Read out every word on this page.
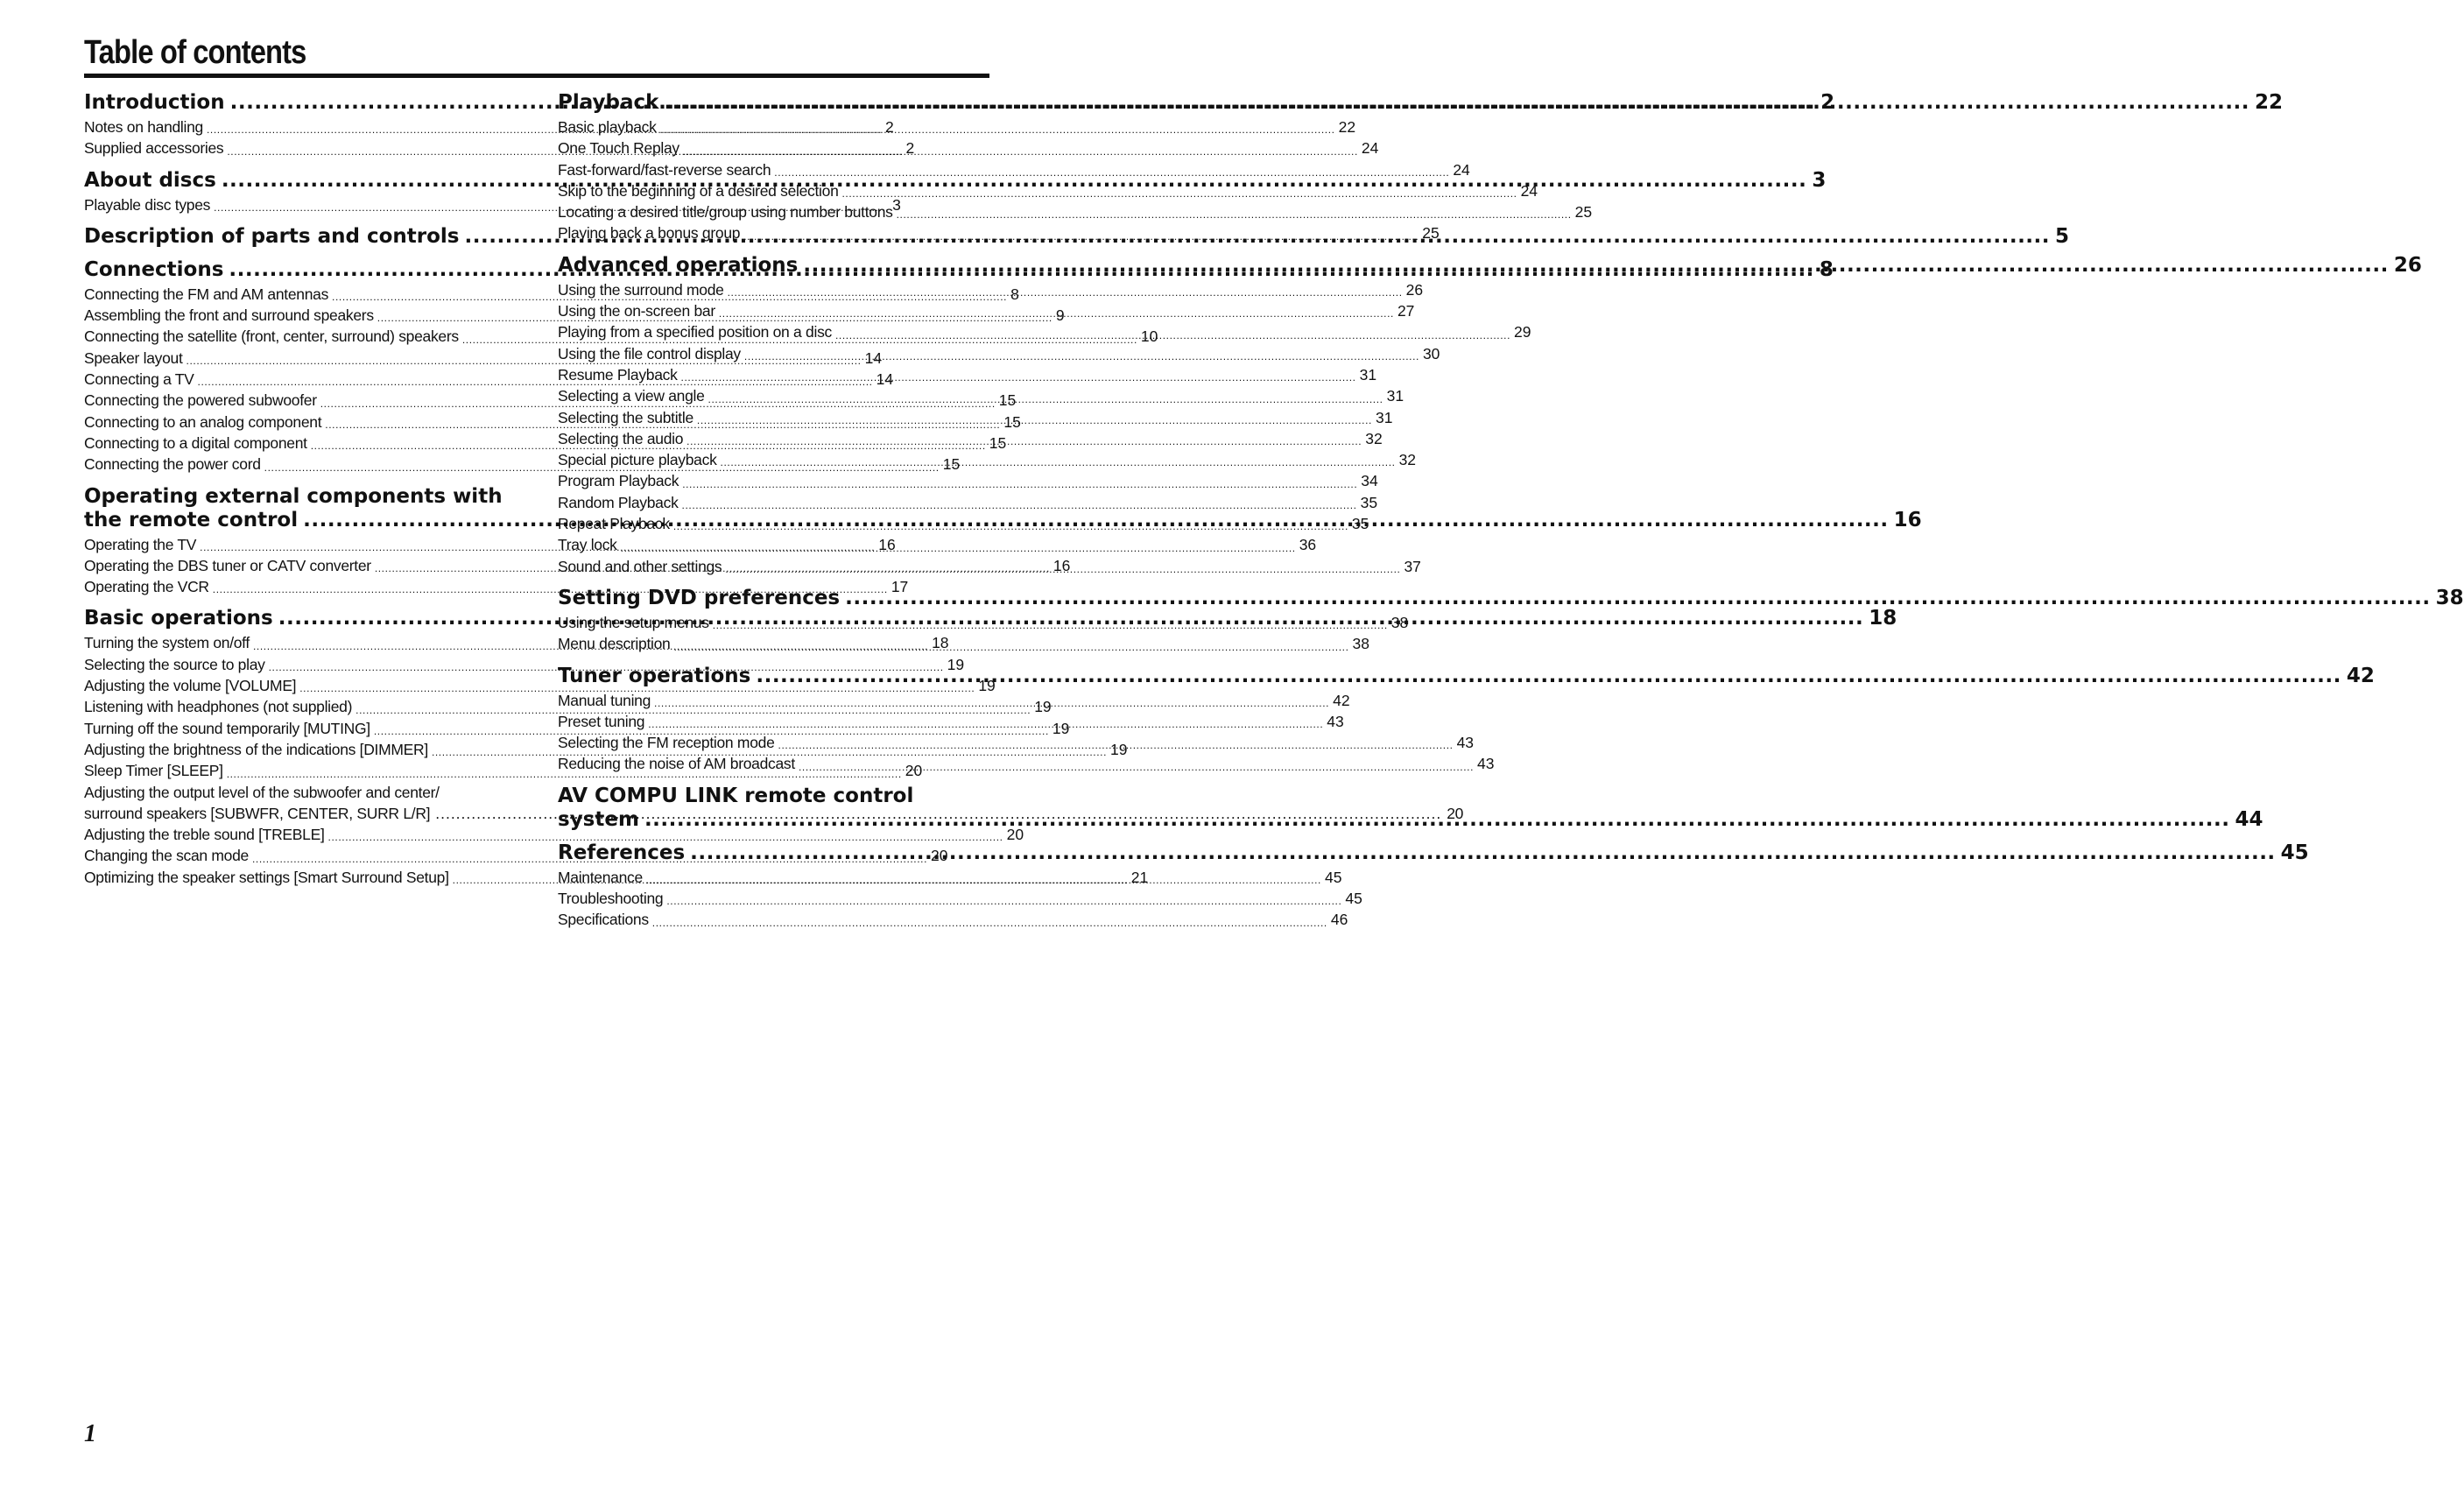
Table of contents
Introduction .....	2
Notes on handling .....	2
Supplied accessories .....	2
About discs .....	3
Playable disc types .....	3
Description of parts and controls .....	5
Connections .....	8
Connecting the FM and AM antennas .....	8
Assembling the front and surround speakers .....	9
Connecting the satellite (front, center, surround) speakers .....	10
Speaker layout .....	14
Connecting a TV .....	14
Connecting the powered subwoofer .....	15
Connecting to an analog component .....	15
Connecting to a digital component .....	15
Connecting the power cord .....	15
Operating external components with
the remote control .....	16
Operating the TV .....	16
Operating the DBS tuner or CATV converter .....	16
Operating the VCR .....	17
Basic operations .....	18
Turning the system on/off .....	18
Selecting the source to play .....	19
Adjusting the volume [VOLUME] .....	19
Listening with headphones (not supplied) .....	19
Turning off the sound temporarily [MUTING] .....	19
Adjusting the brightness of the indications [DIMMER] .....	19
Sleep Timer [SLEEP] .....	20
Adjusting the output level of the subwoofer and center/
surround speakers [SUBWFR, CENTER, SURR L/R] .....	20
Adjusting the treble sound [TREBLE] .....	20
Changing the scan mode .....	20
Optimizing the speaker settings [Smart Surround Setup] .....	21
Playback .....	22
Basic playback .....	22
One Touch Replay .....	24
Fast-forward/fast-reverse search .....	24
Skip to the beginning of a desired selection .....	24
Locating a desired title/group using number buttons .....	25
Playing back a bonus group .....	25
Advanced operations .....	26
Using the surround mode .....	26
Using the on-screen bar .....	27
Playing from a specified position on a disc .....	29
Using the file control display .....	30
Resume Playback .....	31
Selecting a view angle .....	31
Selecting the subtitle .....	31
Selecting the audio .....	32
Special picture playback .....	32
Program Playback .....	34
Random Playback .....	35
Repeat Playback .....	35
Tray lock .....	36
Sound and other settings .....	37
Setting DVD preferences .....	38
Using the setup menus .....	38
Menu description .....	38
Tuner operations .....	42
Manual tuning .....	42
Preset tuning .....	43
Selecting the FM reception mode .....	43
Reducing the noise of AM broadcast .....	43
AV COMPU LINK remote control
system .....	44
References .....	45
Maintenance .....	45
Troubleshooting .....	45
Specifications .....	46
1
